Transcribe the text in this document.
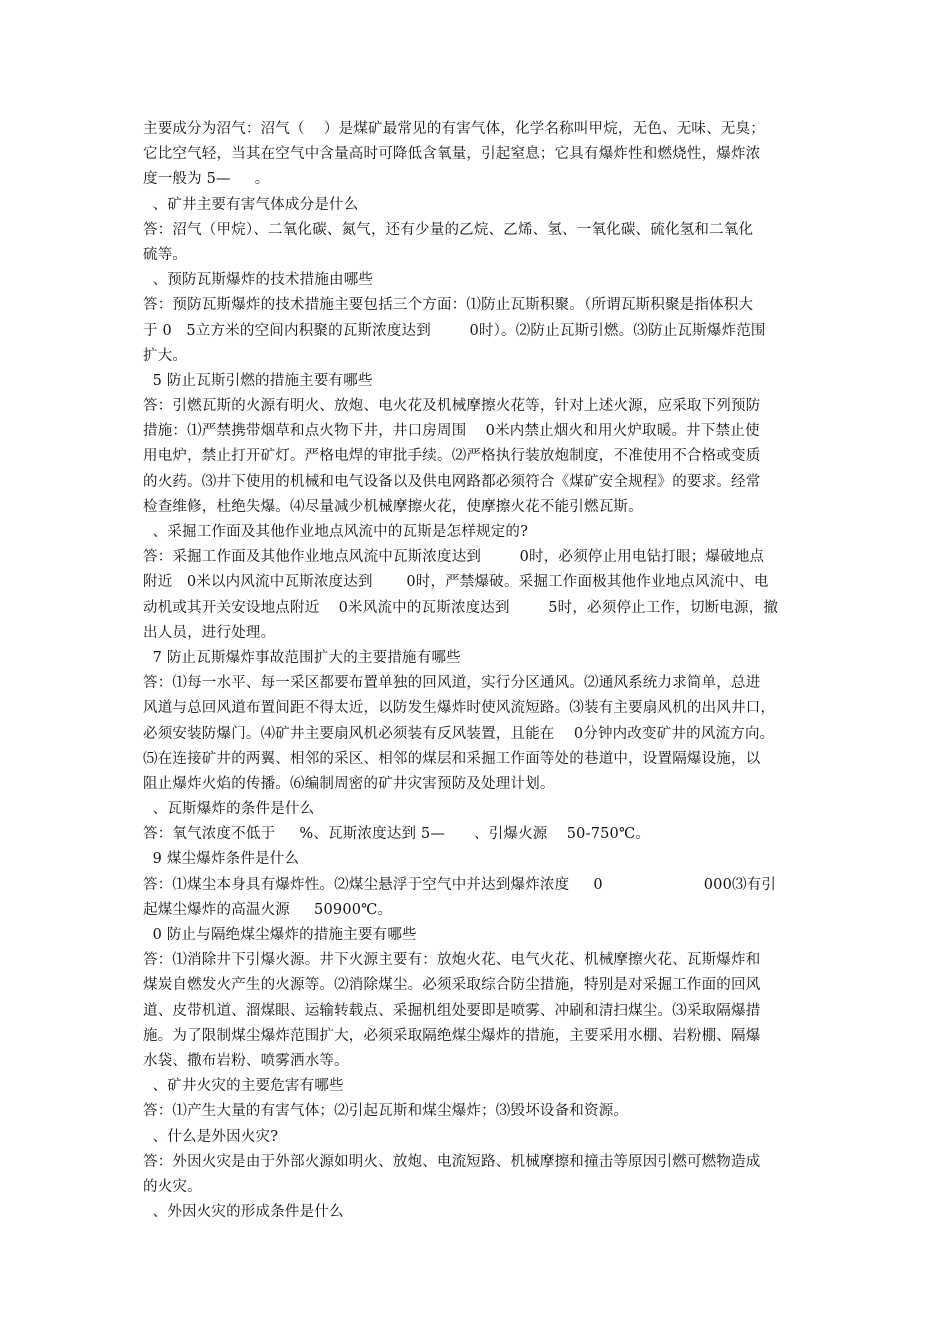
主要成分为沼气：沼气（    ）是煤矿最常见的有害气体，化学名称叫甲烷，无色、无味、无臭；
它比空气轻，当其在空气中含量高时可降低含氧量，引起窒息；它具有爆炸性和燃烧性，爆炸浓
度一般为 5—     。
、矿井主要有害气体成分是什么
答：沼气（甲烷）、二氧化碳、氮气，还有少量的乙烷、乙烯、氢、一氧化碳、硫化氢和二氧化
硫等。
、预防瓦斯爆炸的技术措施由哪些
答：预防瓦斯爆炸的技术措施主要包括三个方面：⑴防止瓦斯积聚。（所谓瓦斯积聚是指体积大
于 0   5立方米的空间内积聚的瓦斯浓度达到        0时）。⑵防止瓦斯引燃。⑶防止瓦斯爆炸范围
扩大。
5 防止瓦斯引燃的措施主要有哪些
答：引燃瓦斯的火源有明火、放炮、电火花及机械摩擦火花等，针对上述火源，应采取下列预防
措施：⑴严禁携带烟草和点火物下井，井口房周围    0米内禁止烟火和用火炉取暖。井下禁止使
用电炉，禁止打开矿灯。严格电焊的审批手续。⑵严格执行装放炮制度，不准使用不合格或变质
的火药。⑶井下使用的机械和电气设备以及供电网路都必须符合《煤矿安全规程》的要求。经常
检查维修，杜绝失爆。⑷尽量减少机械摩擦火花，使摩擦火花不能引燃瓦斯。
、采掘工作面及其他作业地点风流中的瓦斯是怎样规定的?
答：采掘工作面及其他作业地点风流中瓦斯浓度达到        0时，必须停止用电钻打眼；爆破地点
附近   0米以内风流中瓦斯浓度达到       0时，严禁爆破。采掘工作面极其他作业地点风流中、电
动机或其开关安设地点附近    0米风流中的瓦斯浓度达到        5时，必须停止工作，切断电源，撤
出人员，进行处理。
7 防止瓦斯爆炸事故范围扩大的主要措施有哪些
答：⑴每一水平、每一采区都要布置单独的回风道，实行分区通风。⑵通风系统力求简单，总进
风道与总回风道布置间距不得太近，以防发生爆炸时使风流短路。⑶装有主要扇风机的出风井口，
必须安装防爆门。⑷矿井主要扇风机必须装有反风装置，且能在    0分钟内改变矿井的风流方向。
⑸在连接矿井的两翼、相邻的采区、相邻的煤层和采掘工作面等处的巷道中，设置隔爆设施，以
阻止爆炸火焰的传播。⑹编制周密的矿井灾害预防及处理计划。
、瓦斯爆炸的条件是什么
答：氧气浓度不低于     %、瓦斯浓度达到 5—      、引爆火源    50-750℃。
9 煤尘爆炸条件是什么
答：⑴煤尘本身具有爆炸性。⑵煤尘悬浮于空气中并达到爆炸浓度     0                     000⑶有引
起煤尘爆炸的高温火源     50900℃。
0 防止与隔绝煤尘爆炸的措施主要有哪些
答：⑴消除井下引爆火源。井下火源主要有：放炮火花、电气火花、机械摩擦火花、瓦斯爆炸和
煤炭自燃发火产生的火源等。⑵消除煤尘。必须采取综合防尘措施，特别是对采掘工作面的回风
道、皮带机道、溜煤眼、运输转载点、采掘机组处要即是喷雾、冲刷和清扫煤尘。⑶采取隔爆措
施。为了限制煤尘爆炸范围扩大，必须采取隔绝煤尘爆炸的措施，主要采用水棚、岩粉棚、隔爆
水袋、撒布岩粉、喷雾洒水等。
、矿井火灾的主要危害有哪些
答：⑴产生大量的有害气体；⑵引起瓦斯和煤尘爆炸；⑶毁坏设备和资源。
、什么是外因火灾?
答：外因火灾是由于外部火源如明火、放炮、电流短路、机械摩擦和撞击等原因引燃可燃物造成
的火灾。
、外因火灾的形成条件是什么
